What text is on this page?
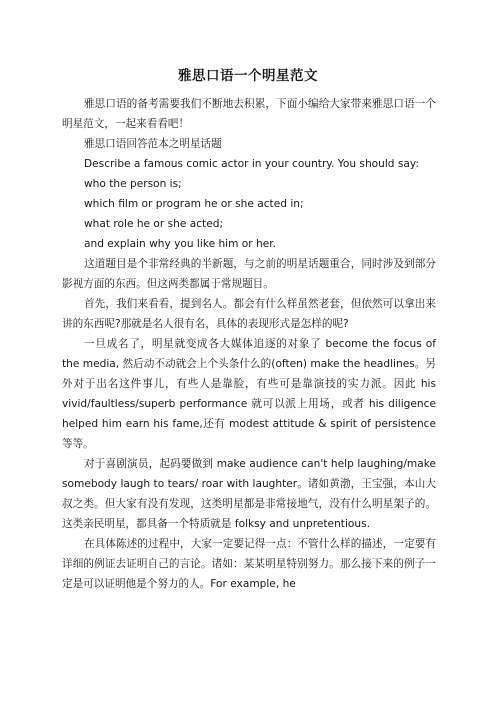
雅思口语一个明星范文

雅思口语的备考需要我们不断地去积累，下面小编给大家带来雅思口语一个明星范文，一起来看看吧！

雅思口语回答范本之明星话题

Describe a famous comic actor in your country. You should say:

who the person is;

which film or program he or she acted in;

what role he or she acted;

and explain why you like him or her.

这道题目是个非常经典的半新题，与之前的明星话题重合，同时涉及到部分影视方面的东西。但这两类都属于常规题目。

首先，我们来看看，提到名人。都会有什么样虽然老套，但依然可以拿出来讲的东西呢?那就是名人很有名，具体的表现形式是怎样的呢?

一旦成名了，明星就变成各大媒体追逐的对象了 become the focus of the media, 然后动不动就会上个头条什么的(often) make the headlines。另外对于出名这件事儿，有些人是靠脸，有些可是靠演技的实力派。因此 his vivid/faultless/superb performance 就可以派上用场，或者 his diligence helped him earn his fame,还有 modest attitude & spirit of persistence 等等。

对于喜剧演员，起码要做到 make audience can't help laughing/make somebody laugh to tears/ roar with laughter。诸如黄渤，王宝强，本山大叔之类。但大家有没有发现，这类明星都是非常接地气，没有什么明星架子的。这类亲民明星，都具备一个特质就是 folksy and unpretentious.

在具体陈述的过程中，大家一定要记得一点：不管什么样的描述，一定要有详细的例证去证明自己的言论。诸如：某某明星特别努力。那么接下来的例子一定是可以证明他是个努力的人。For example, he
